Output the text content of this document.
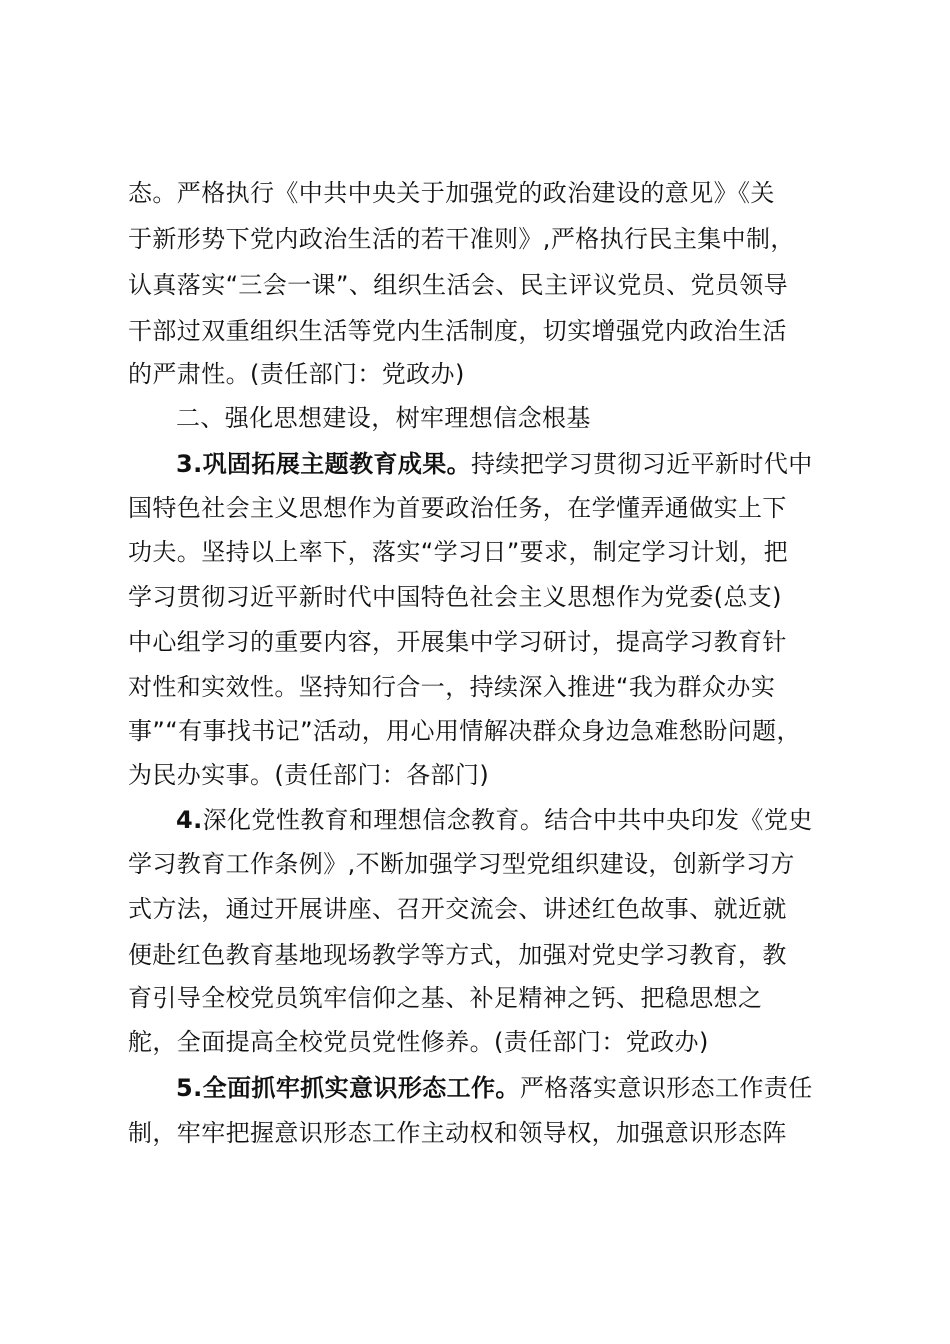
态。严格执行《中共中央关于加强党的政治建设的意见》《关
于新形势下党内政治生活的若干准则》,严格执行民主集中制，
认真落实“三会一课”、组织生活会、民主评议党员、党员领导
干部过双重组织生活等党内生活制度，切实增强党内政治生活
的严肃性。(责任部门：党政办)
二、强化思想建设，树牢理想信念根基
3.巩固拓展主题教育成果。持续把学习贯彻习近平新时代中
国特色社会主义思想作为首要政治任务，在学懂弄通做实上下
功夫。坚持以上率下，落实“学习日”要求，制定学习计划，把
学习贯彻习近平新时代中国特色社会主义思想作为党委(总支)
中心组学习的重要内容，开展集中学习研讨，提高学习教育针
对性和实效性。坚持知行合一，持续深入推进“我为群众办实
事”“有事找书记”活动，用心用情解决群众身边急难愁盼问题，
为民办实事。(责任部门：各部门)
4.深化党性教育和理想信念教育。结合中共中央印发《党史
学习教育工作条例》,不断加强学习型党组织建设，创新学习方
式方法，通过开展讲座、召开交流会、讲述红色故事、就近就
便赴红色教育基地现场教学等方式，加强对党史学习教育，教
育引导全校党员筑牢信仰之基、补足精神之钙、把稳思想之
舵，全面提高全校党员党性修养。(责任部门：党政办)
5.全面抓牢抓实意识形态工作。严格落实意识形态工作责任
制，牢牢把握意识形态工作主动权和领导权，加强意识形态阵
